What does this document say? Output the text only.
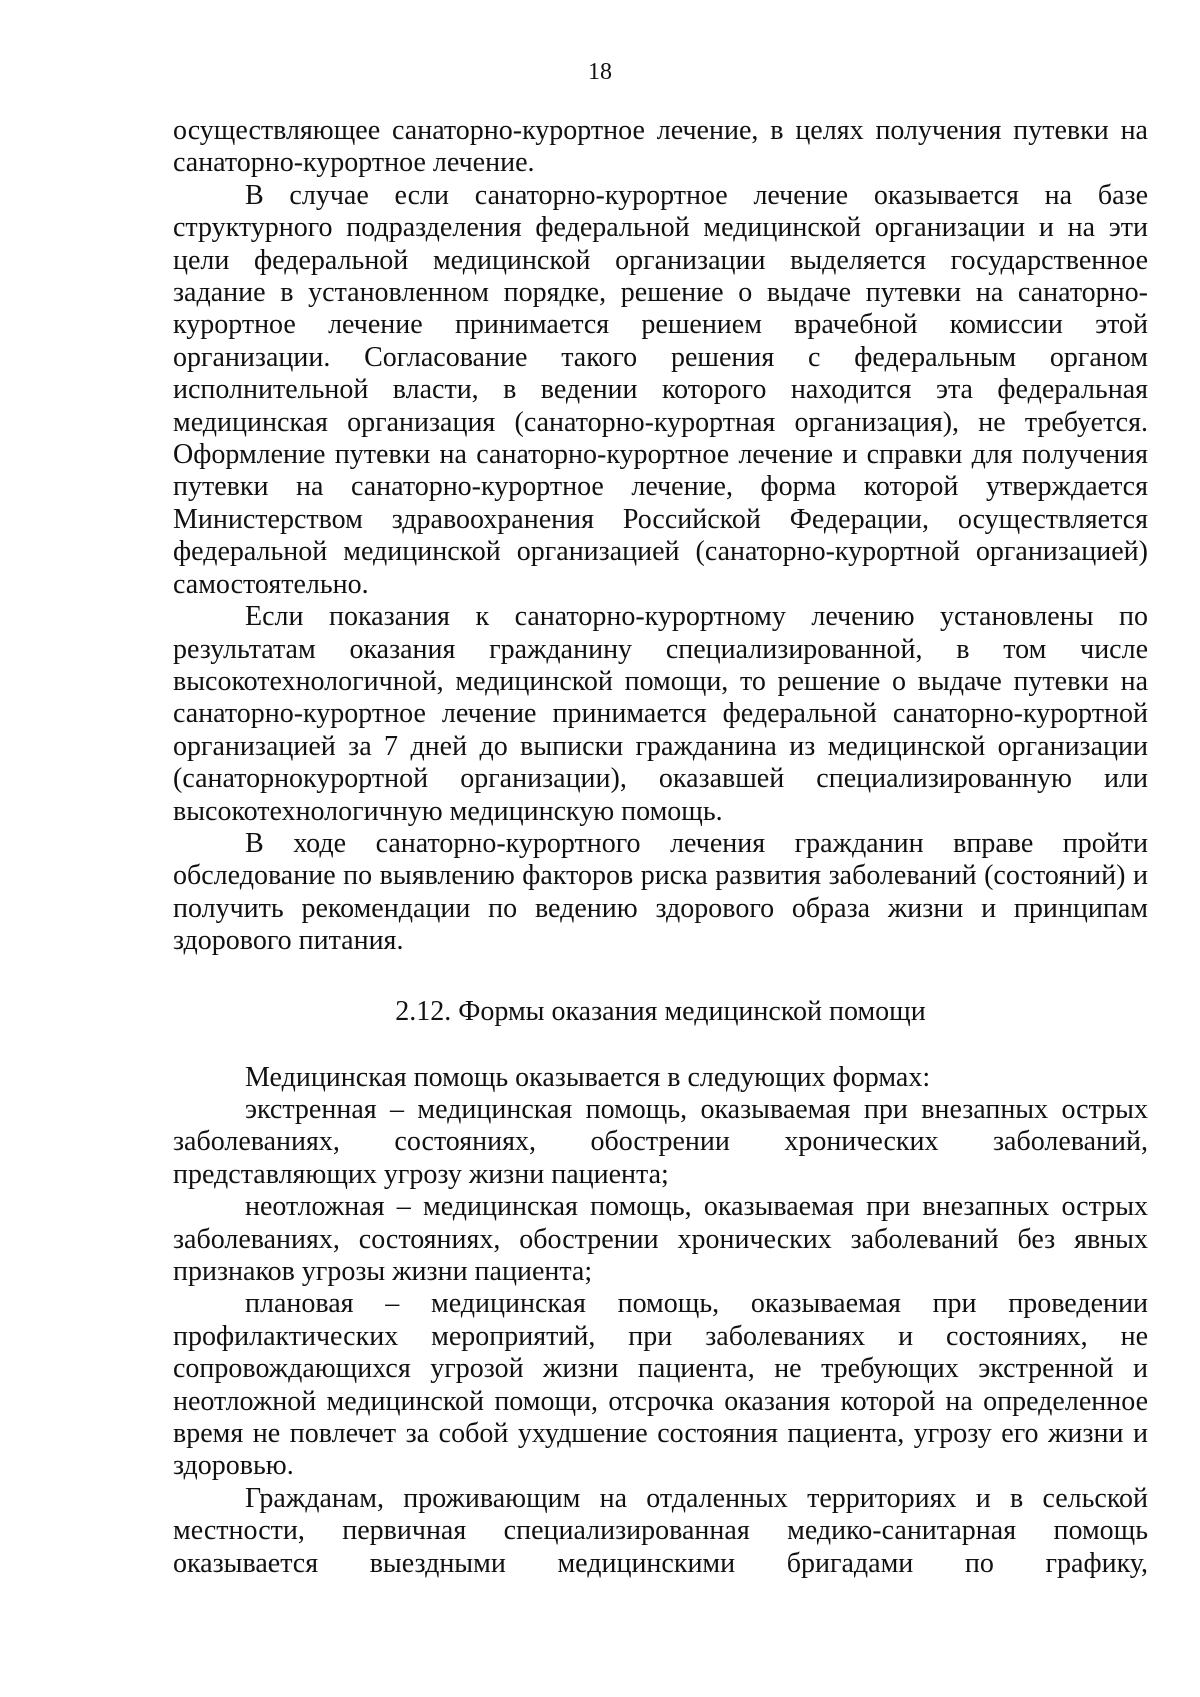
18

осуществляющее санаторно-курортное лечение, в целях получения путевки на санаторно-курортное лечение.

В случае если санаторно-курортное лечение оказывается на базе структурного подразделения федеральной медицинской организации и на эти цели федеральной медицинской организации выделяется государственное задание в установленном порядке, решение о выдаче путевки на санаторно-курортное лечение принимается решением врачебной комиссии этой организации. Согласование такого решения с федеральным органом исполнительной власти, в ведении которого находится эта федеральная медицинская организация (санаторно-курортная организация), не требуется. Оформление путевки на санаторно-курортное лечение и справки для получения путевки на санаторно-курортное лечение, форма которой утверждается Министерством здравоохранения Российской Федерации, осуществляется федеральной медицинской организацией (санаторно-курортной организацией) самостоятельно.

Если показания к санаторно-курортному лечению установлены по результатам оказания гражданину специализированной, в том числе высокотехнологичной, медицинской помощи, то решение о выдаче путевки на санаторно-курортное лечение принимается федеральной санаторно-курортной организацией за 7 дней до выписки гражданина из медицинской организации (санаторнокурортной организации), оказавшей специализированную или высокотехнологичную медицинскую помощь.

В ходе санаторно-курортного лечения гражданин вправе пройти обследование по выявлению факторов риска развития заболеваний (состояний) и получить рекомендации по ведению здорового образа жизни и принципам здорового питания.

2.12. Формы оказания медицинской помощи

Медицинская помощь оказывается в следующих формах:

экстренная – медицинская помощь, оказываемая при внезапных острых заболеваниях, состояниях, обострении хронических заболеваний, представляющих угрозу жизни пациента;

неотложная – медицинская помощь, оказываемая при внезапных острых заболеваниях, состояниях, обострении хронических заболеваний без явных признаков угрозы жизни пациента;

плановая – медицинская помощь, оказываемая при проведении профилактических мероприятий, при заболеваниях и состояниях, не сопровождающихся угрозой жизни пациента, не требующих экстренной и неотложной медицинской помощи, отсрочка оказания которой на определенное время не повлечет за собой ухудшение состояния пациента, угрозу его жизни и здоровью.

Гражданам, проживающим на отдаленных территориях и в сельской местности, первичная специализированная медико-санитарная помощь оказывается выездными медицинскими бригадами по графику,
